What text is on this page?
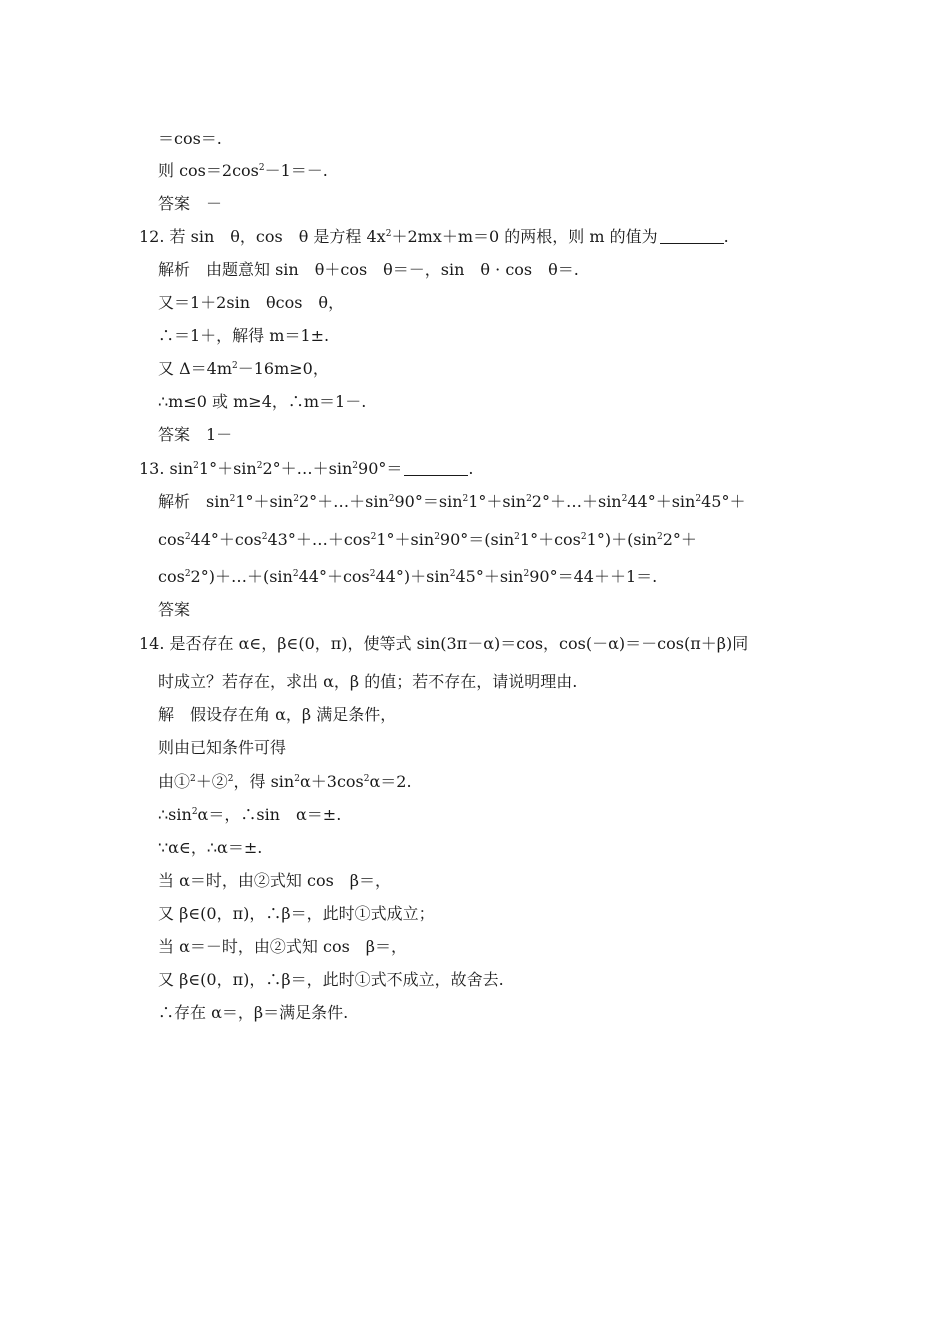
＝cos＝.
则 $\cos=2\cos^2-1=-$.
答案　－
12. 若 sin　θ，cos　θ 是方程 $4x^2+2mx+m=0$ 的两根，则 m 的值为	.
解析　由题意知 sin　θ＋cos　θ＝－，sin　θ · cos　θ＝.
又＝1＋2sin　θcos　θ，
∴＝1＋，解得 m＝1±.
又 $\Delta=4m^2-16m\ge 0$，
∴m≤0 或 m≥4，∴m＝1－.
答案　1－
13. $\sin^21^\circ+\sin^22^\circ+\dots+\sin^290^\circ=$	.
解析　$\sin^21^\circ+\sin^22^\circ+\dots+\sin^290^\circ=\sin^21^\circ+\sin^22^\circ+\dots+\sin^244^\circ+\sin^245^\circ+$
$\cos^244^\circ+\cos^243^\circ+\dots+\cos^21^\circ+\sin^290^\circ=(\sin^21^\circ+\cos^21^\circ)+(\sin^22^\circ+$
$\cos^22^\circ)+\dots+(\sin^244^\circ+\cos^244^\circ)+\sin^245^\circ+\sin^290^\circ=44++1=$.
答案
14. 是否存在 α∈，β∈(0，π)，使等式 sin(3π－α)＝cos，cos(－α)＝－cos(π＋β)同
时成立？若存在，求出 α，β 的值；若不存在，请说明理由.
解　假设存在角 α，β 满足条件，
则由已知条件可得
由①$^2$＋②$^2$，得 $\sin^2\alpha+3\cos^2\alpha=2$.
$\therefore\sin^2\alpha=$，∴sin　α＝±.
∵α∈，∴α＝±.
当 α＝时，由②式知 cos　β＝，
又 β∈(0，π)，∴β＝，此时①式成立；
当 α＝－时，由②式知 cos　β＝，
又 β∈(0，π)，∴β＝，此时①式不成立，故舍去.
∴存在 α＝，β＝满足条件.
